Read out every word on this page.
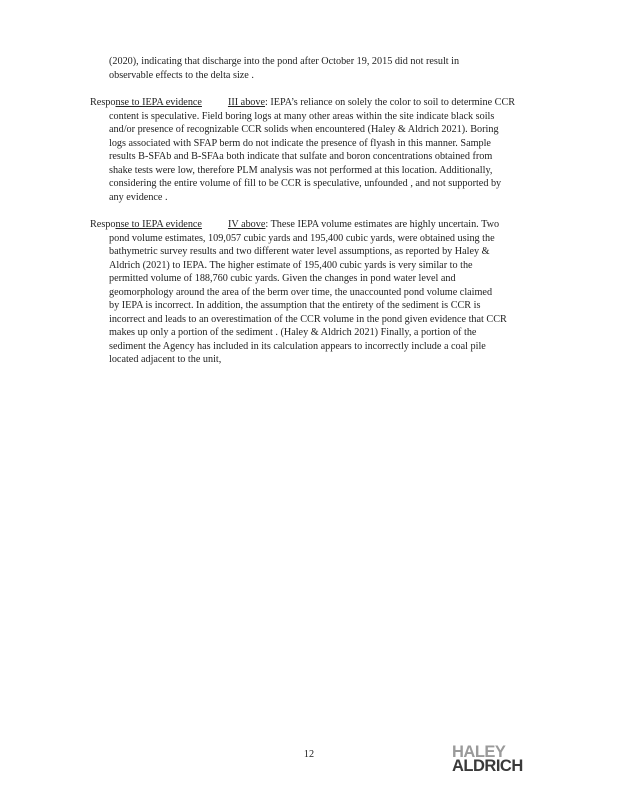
(2020), indicating that discharge into the pond after October 19, 2015 did not result in

observable effects to the delta size .

Response to IEPA evidence	III above: IEPA’s reliance on solely the color to soil to determine CCR

content is speculative. Field boring logs at many other areas within the site indicate black soils

and/or presence of recognizable CCR solids when encountered (Haley & Aldrich 2021). Boring

logs associated with SFAP berm do not indicate the presence of flyash in this manner. Sample

results B-SFAb and B-SFAa both indicate that sulfate and boron concentrations obtained from

shake tests were low, therefore PLM analysis was not performed at this location. Additionally,

considering the entire volume of fill to be CCR is speculative, unfounded , and not supported by

any evidence .

Response to IEPA evidence	IV above: These IEPA volume estimates are highly uncertain. Two

pond volume estimates, 109,057 cubic yards and 195,400 cubic yards, were obtained using the

bathymetric survey results and two different water level assumptions, as reported by Haley &

Aldrich (2021) to IEPA. The higher estimate of 195,400 cubic yards is very similar to the

permitted volume of 188,760 cubic yards. Given the changes in pond water level and

geomorphology around the area of the berm over time, the unaccounted pond volume claimed

by IEPA is incorrect. In addition, the assumption that the entirety of the sediment is CCR is

incorrect and leads to an overestimation of the CCR volume in the pond given evidence that CCR

makes up only a portion of the sediment . (Haley & Aldrich 2021) Finally, a portion of the

sediment the Agency has included in its calculation appears to incorrectly include a coal pile

located adjacent to the unit,

12	HALEY
ALDRICH
